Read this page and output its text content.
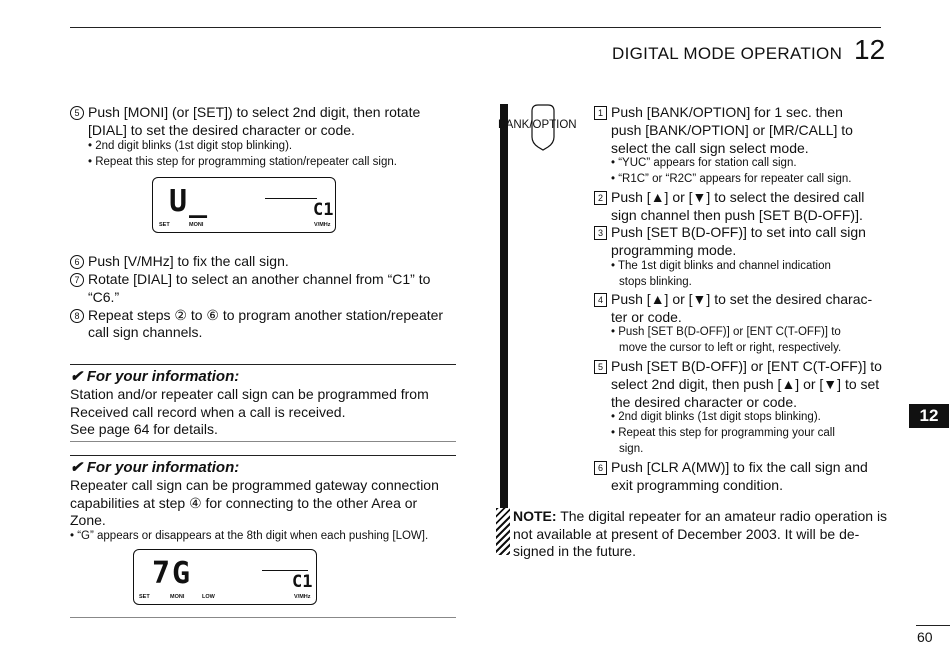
DIGITAL MODE OPERATION 12
5 Push [MONI] (or [SET]) to select 2nd digit, then rotate
[DIAL] to set the desired character or code.
• 2nd digit blinks (1st digit stop blinking).
• Repeat this step for programming station/repeater call sign.
U_	C1
SET	MONI	V/MHz
6 Push [V/MHz] to fix the call sign.
7 Rotate [DIAL] to select an another channel from “C1” to
“C6.”
8 Repeat steps ② to ⑥ to program another station/repeater
call sign channels.
✔ For your information:
Station and/or repeater call sign can be programmed from
Received call record when a call is received.
See page 64 for details.
✔ For your information:
Repeater call sign can be programmed gateway connection
capabilities at step ④ for connecting to the other Area or
Zone.
• “G” appears or disappears at the 8th digit when each pushing [LOW].
7G	C1
SET	MONI	LOW	V/MHz
BANK/OPTION
1 Push [BANK/OPTION] for 1 sec. then
push [BANK/OPTION] or [MR/CALL] to
select the call sign select mode.
• “YUC” appears for station call sign.
• “R1C” or “R2C” appears for repeater call sign.
2 Push [▲] or [▼] to select the desired call
sign channel then push [SET B(D-OFF)].
3 Push [SET B(D-OFF)] to set into call sign
programming mode.
• The 1st digit blinks and channel indication
stops blinking.
4 Push [▲] or [▼] to set the desired charac-
ter or code.
• Push [SET B(D-OFF)] or [ENT C(T-OFF)] to
move the cursor to left or right, respectively.
5 Push [SET B(D-OFF)] or [ENT C(T-OFF)] to
select 2nd digit, then push [▲] or [▼] to set
the desired character or code.
• 2nd digit blinks (1st digit stops blinking).
• Repeat this step for programming your call
sign.
6 Push [CLR A(MW)] to fix the call sign and
exit programming condition.
NOTE: The digital repeater for an amateur radio operation is
not available at present of December 2003. It will be de-
signed in the future.
12
60
